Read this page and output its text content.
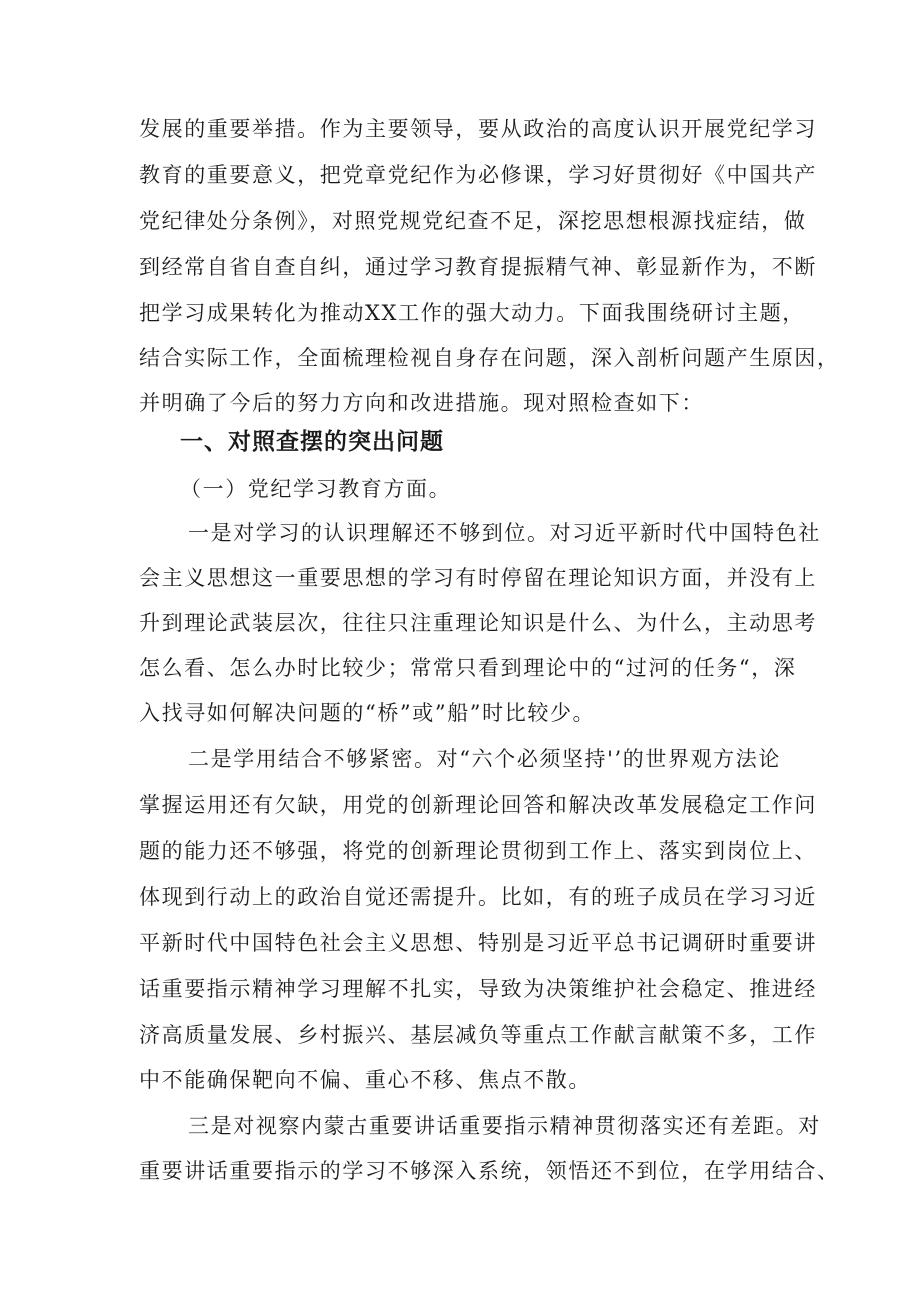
发展的重要举措。作为主要领导，要从政治的高度认识开展党纪学习
教育的重要意义，把党章党纪作为必修课，学习好贯彻好《中国共产
党纪律处分条例》，对照党规党纪查不足，深挖思想根源找症结，做
到经常自省自查自纠，通过学习教育提振精气神、彰显新作为，不断
把学习成果转化为推动XX工作的强大动力。下面我围绕研讨主题，
结合实际工作，全面梳理检视自身存在问题，深入剖析问题产生原因，
并明确了今后的努力方向和改进措施。现对照检查如下：
一、对照查摆的突出问题
（一）党纪学习教育方面。
一是对学习的认识理解还不够到位。对习近平新时代中国特色社
会主义思想这一重要思想的学习有时停留在理论知识方面，并没有上
升到理论武装层次，往往只注重理论知识是什么、为什么，主动思考
怎么看、怎么办时比较少；常常只看到理论中的“过河的任务“，深
入找寻如何解决问题的“桥”或”船”时比较少。
二是学用结合不够紧密。对“六个必须坚持'’的世界观方法论
掌握运用还有欠缺，用党的创新理论回答和解决改革发展稳定工作问
题的能力还不够强，将党的创新理论贯彻到工作上、落实到岗位上、
体现到行动上的政治自觉还需提升。比如，有的班子成员在学习习近
平新时代中国特色社会主义思想、特别是习近平总书记调研时重要讲
话重要指示精神学习理解不扎实，导致为决策维护社会稳定、推进经
济高质量发展、乡村振兴、基层减负等重点工作献言献策不多，工作
中不能确保靶向不偏、重心不移、焦点不散。
三是对视察内蒙古重要讲话重要指示精神贯彻落实还有差距。对
重要讲话重要指示的学习不够深入系统，领悟还不到位，在学用结合、
